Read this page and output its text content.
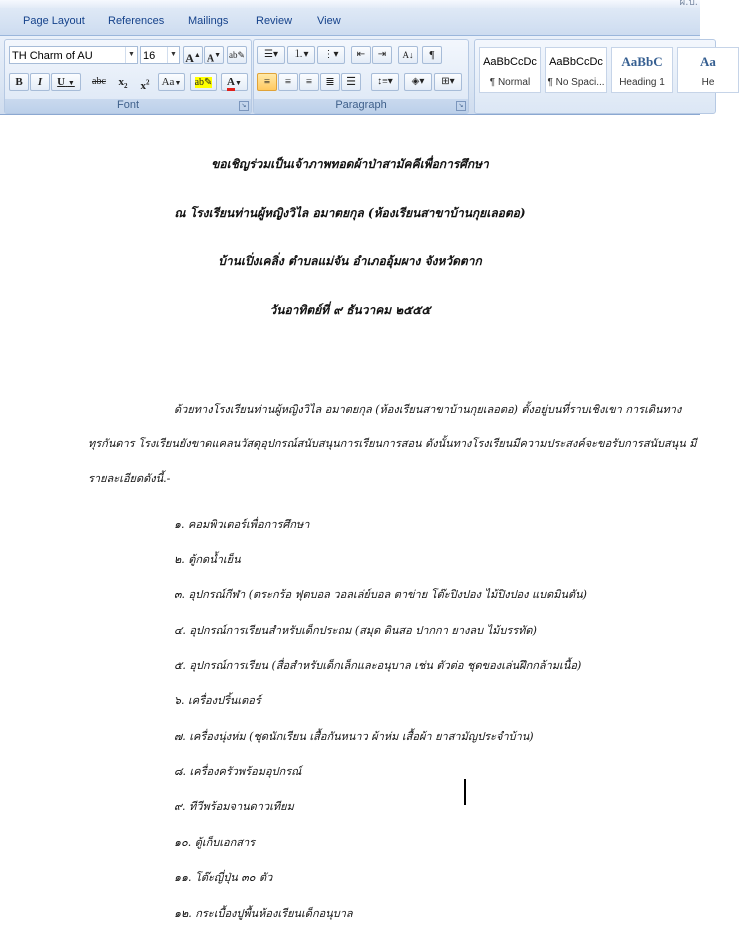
ผ.บ.
Page Layout References Mailings	Review View
TH Charm of AU	▼ 16	▼ A▲ A▼ ab✎
B	I	U ▼	abc	$x_2$	$x^2$	Aa▼	ab✎	A▼
Font	↘
☰▾	⒈▾	⋮▾	⇤	⇥	A↓	¶
≡	≡	≡	≣	☰	↕≡▾	◈▾	⊞▾
Paragraph	↘
AaBbCcDc
¶ Normal
AaBbCcDc
¶ No Spaci...
AaBbC
Heading 1
Aa
He
ขอเชิญร่วมเป็นเจ้าภาพทอดผ้าป่าสามัคคีเพื่อการศึกษา
ณ โรงเรียนท่านผู้หญิงวิไล อมาตยกุล (ห้องเรียนสาขาบ้านกุยเลอตอ)
บ้านเปิ่งเคลิ่ง ตำบลแม่จัน อำเภออุ้มผาง จังหวัดตาก
วันอาทิตย์ที่ ๙ ธันวาคม ๒๕๕๕
ด้วยทางโรงเรียนท่านผู้หญิงวิไล อมาตยกุล (ห้องเรียนสาขาบ้านกุยเลอตอ) ตั้งอยู่บนที่ราบเชิงเขา การเดินทาง
ทุรกันดาร โรงเรียนยังขาดแคลนวัสดุอุปกรณ์สนับสนุนการเรียนการสอน ดังนั้นทางโรงเรียนมีความประสงค์จะขอรับการสนับสนุน มี
รายละเอียดดังนี้.-
๑. คอมพิวเตอร์เพื่อการศึกษา
๒. ตู้กดน้ำเย็น
๓. อุปกรณ์กีฬา (ตระกร้อ ฟุตบอล วอลเล่ย์บอล ตาข่าย โต๊ะปิงปอง ไม้ปิงปอง แบดมินตัน)
๔. อุปกรณ์การเรียนสำหรับเด็กประถม (สมุด ดินสอ ปากกา ยางลบ ไม้บรรทัด)
๕. อุปกรณ์การเรียน (สื่อสำหรับเด็กเล็กและอนุบาล เช่น ตัวต่อ ชุดของเล่นฝึกกล้ามเนื้อ)
๖. เครื่องปริ้นเตอร์
๗. เครื่องนุ่งห่ม (ชุดนักเรียน เสื้อกันหนาว ผ้าห่ม เสื้อผ้า ยาสามัญประจำบ้าน)
๘. เครื่องครัวพร้อมอุปกรณ์
๙. ทีวีพร้อมจานดาวเทียม
๑๐. ตู้เก็บเอกสาร
๑๑. โต๊ะญี่ปุ่น ๓๐ ตัว
๑๒. กระเบื้องปูพื้นห้องเรียนเด็กอนุบาล
